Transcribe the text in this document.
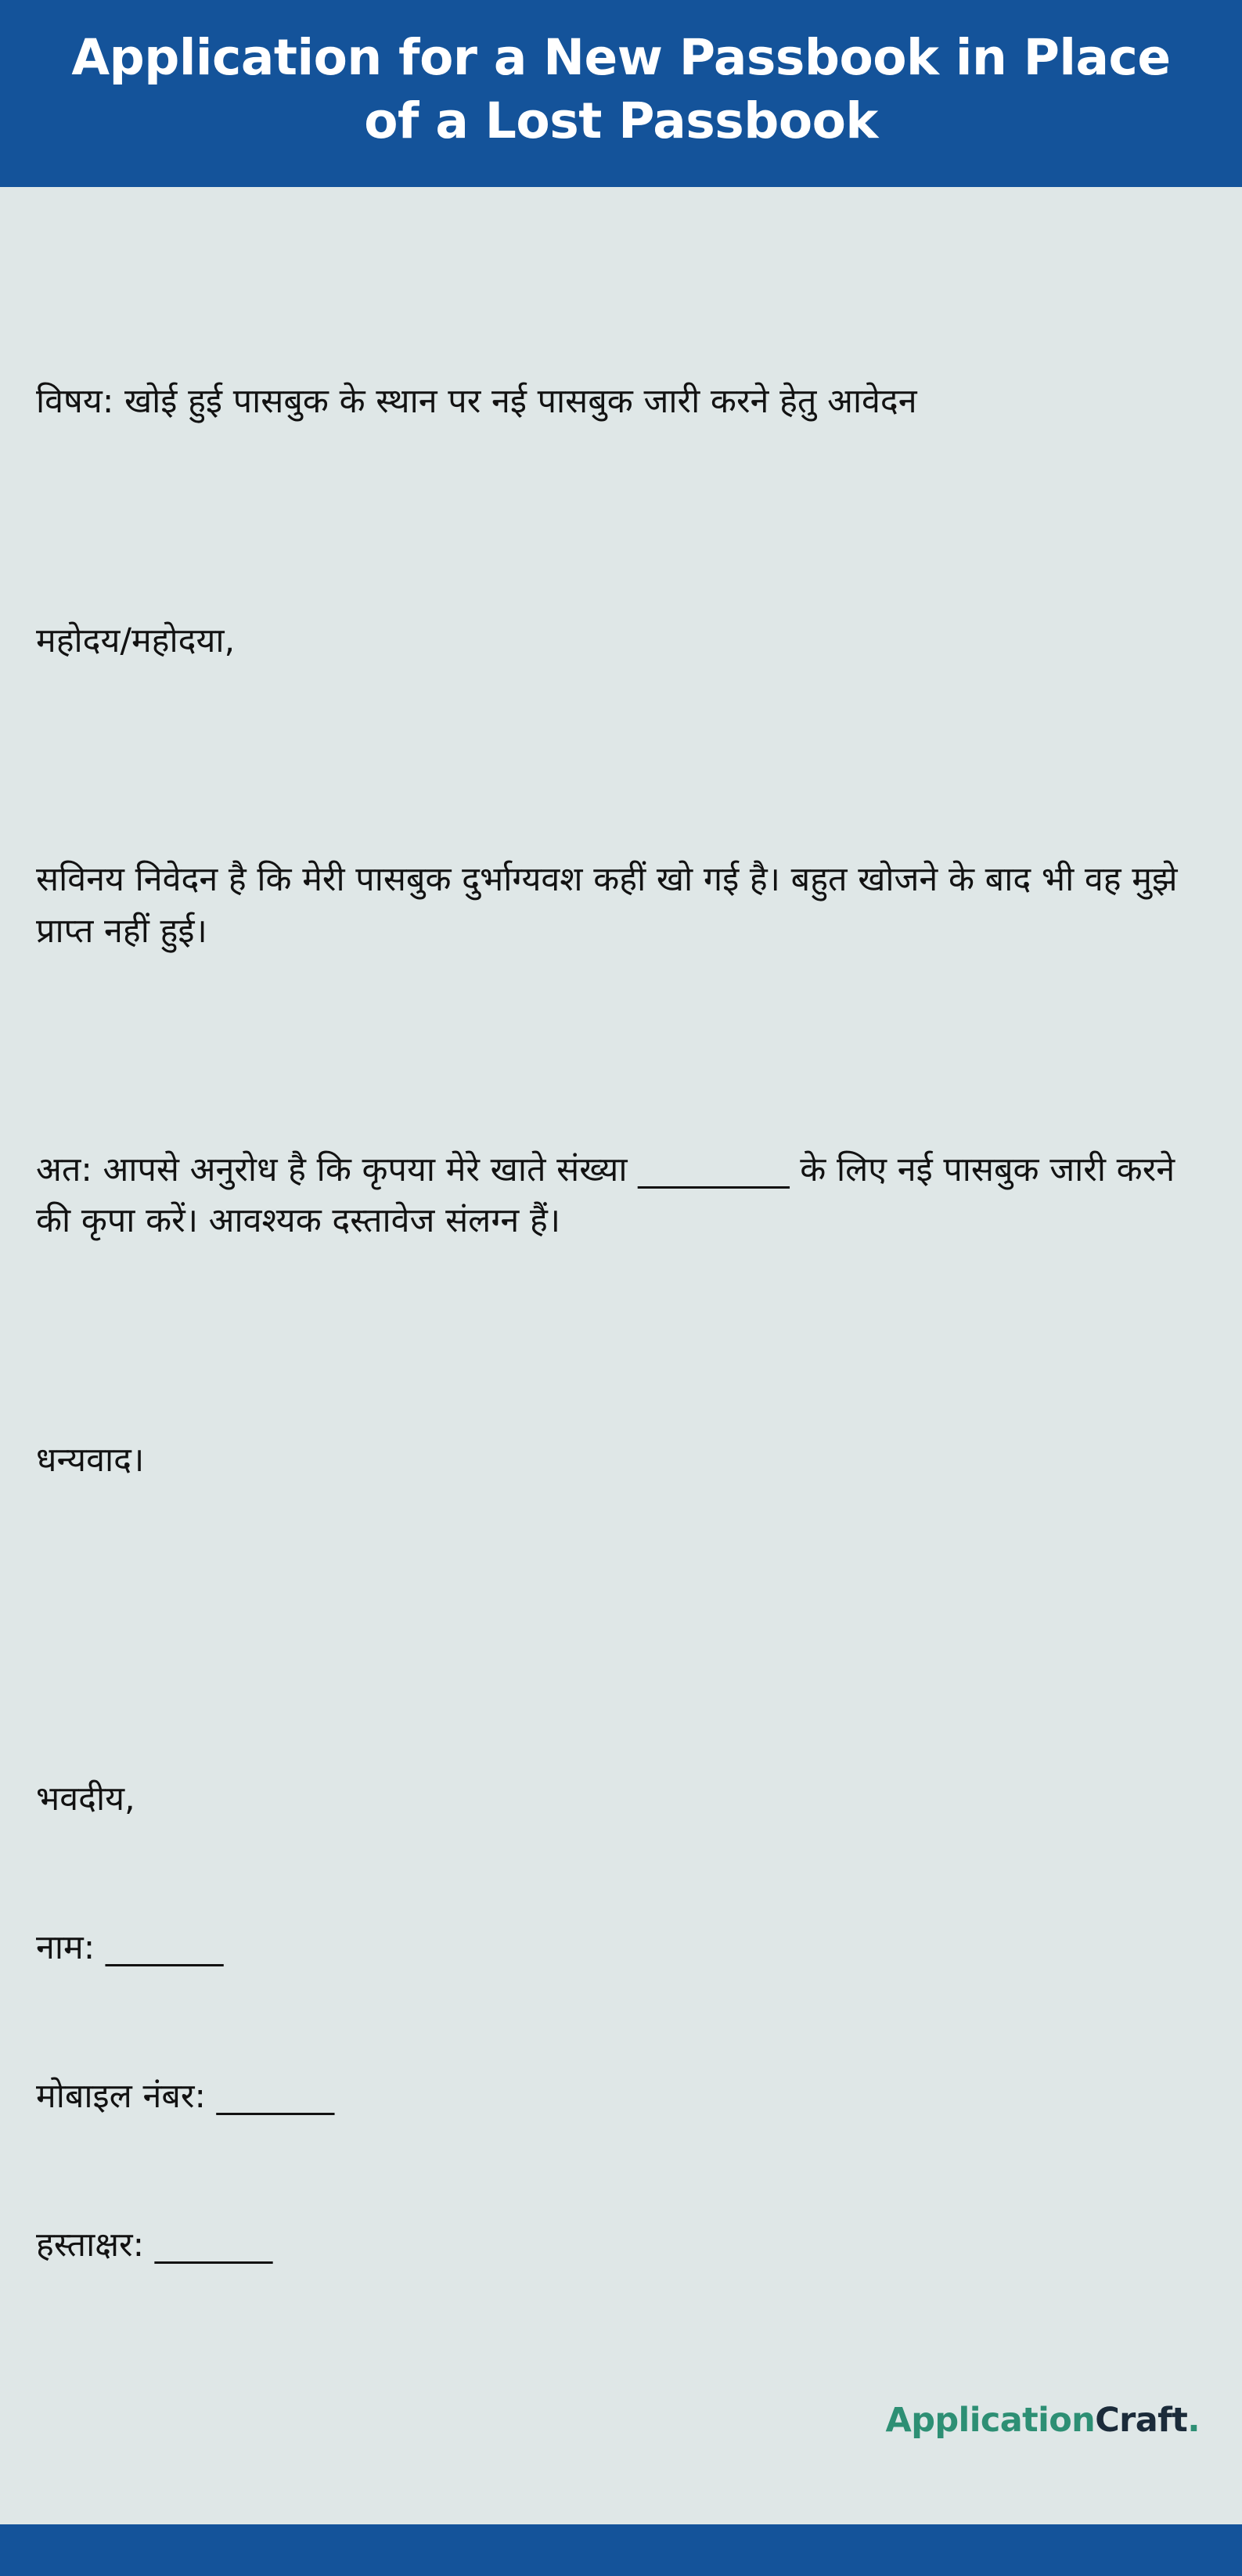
Application for a New Passbook in Place of a Lost Passbook

विषय: खोई हुई पासबुक के स्थान पर नई पासबुक जारी करने हेतु आवेदन

महोदय/महोदया,

सविनय निवेदन है कि मेरी पासबुक दुर्भाग्यवश कहीं खो गई है। बहुत खोजने के बाद भी वह मुझे प्राप्त नहीं हुई।

अत: आपसे अनुरोध है कि कृपया मेरे खाते संख्या _________ के लिए नई पासबुक जारी करने की कृपा करें। आवश्यक दस्तावेज संलग्न हैं।

धन्यवाद।

भवदीय,

नाम: _______

मोबाइल नंबर: _______

हस्ताक्षर: _______

ApplicationCraft.
